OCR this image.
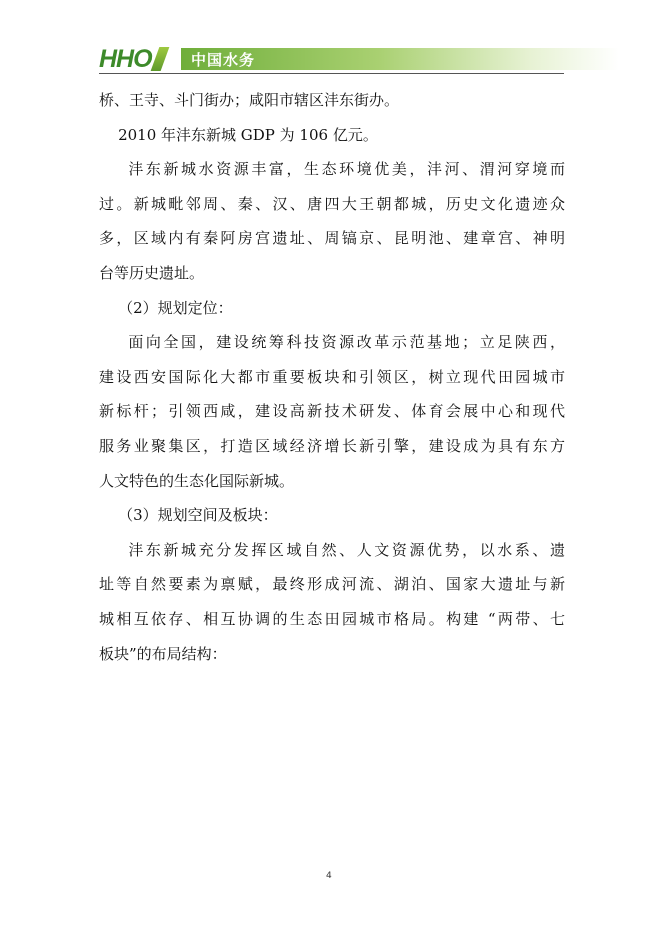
HHO	中国水务

桥、王寺、斗门街办；咸阳市辖区沣东街办。

2010 年沣东新城 GDP 为 106 亿元。

沣东新城水资源丰富，生态环境优美，沣河、渭河穿境而

过。新城毗邻周、秦、汉、唐四大王朝都城，历史文化遗迹众

多，区域内有秦阿房宫遗址、周镐京、昆明池、建章宫、神明

台等历史遗址。

（2）规划定位：

面向全国，建设统筹科技资源改革示范基地；立足陕西，

建设西安国际化大都市重要板块和引领区，树立现代田园城市

新标杆；引领西咸，建设高新技术研发、体育会展中心和现代

服务业聚集区，打造区域经济增长新引擎，建设成为具有东方

人文特色的生态化国际新城。

（3）规划空间及板块：

沣东新城充分发挥区域自然、人文资源优势，以水系、遗

址等自然要素为禀赋，最终形成河流、湖泊、国家大遗址与新

城相互依存、相互协调的生态田园城市格局。构建 “两带、七

板块”的布局结构：

4
